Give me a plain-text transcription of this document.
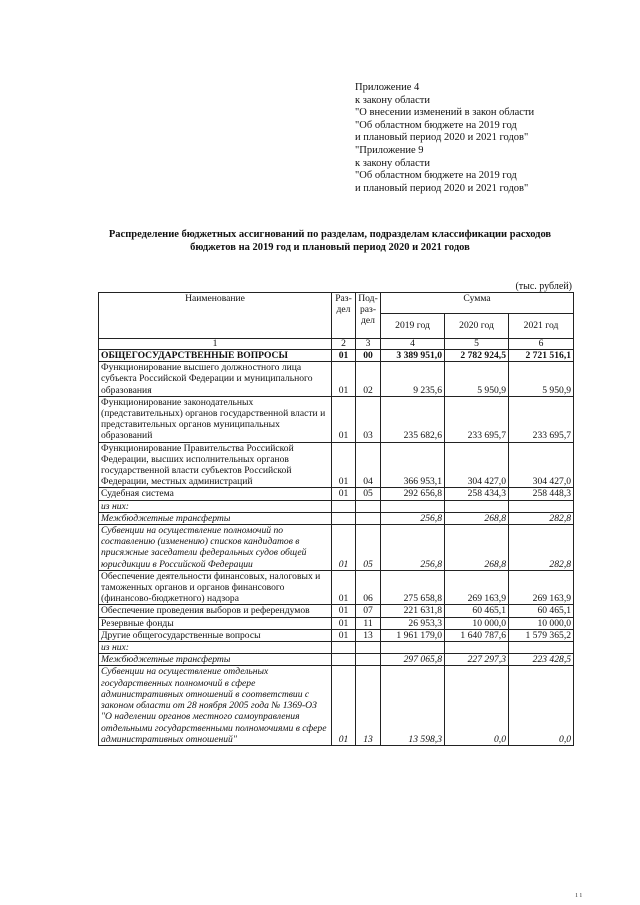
Приложение 4
к закону области
"О внесении изменений в закон области
"Об областном бюджете на 2019 год
и плановый период 2020 и 2021 годов"
"Приложение 9
к закону области
"Об областном бюджете на 2019 год
и плановый период 2020 и 2021 годов"
Распределение бюджетных ассигнований по разделам, подразделам классификации расходов
бюджетов на 2019 год и плановый период 2020 и 2021 годов
(тыс. рублей)
Наименование	Раз-дел	Под-раз-дел	Сумма		
			2019 год	2020 год	2021 год
1	2	3	4	5	6
ОБЩЕГОСУДАРСТВЕННЫЕ ВОПРОСЫ	01	00	3 389 951,0	2 782 924,5	2 721 516,1
Функционирование высшего должностного лица субъекта Российской Федерации и муниципального образования	01	02	9 235,6	5 950,9	5 950,9
Функционирование законодательных (представительных) органов государственной власти и представительных органов муниципальных образований	01	03	235 682,6	233 695,7	233 695,7
Функционирование Правительства Российской Федерации, высших исполнительных органов государственной власти субъектов Российской Федерации, местных администраций	01	04	366 953,1	304 427,0	304 427,0
Судебная система	01	05	292 656,8	258 434,3	258 448,3
из них:					
Межбюджетные трансферты			256,8	268,8	282,8
Субвенции на осуществление полномочий по составлению (изменению) списков кандидатов в присяжные заседатели федеральных судов общей юрисдикции в Российской Федерации	01	05	256,8	268,8	282,8
Обеспечение деятельности финансовых, налоговых и таможенных органов и органов финансового (финансово-бюджетного) надзора	01	06	275 658,8	269 163,9	269 163,9
Обеспечение проведения выборов и референдумов	01	07	221 631,8	60 465,1	60 465,1
Резервные фонды	01	11	26 953,3	10 000,0	10 000,0
Другие общегосударственные вопросы	01	13	1 961 179,0	1 640 787,6	1 579 365,2
из них:					
Межбюджетные трансферты			297 065,8	227 297,3	223 428,5
Субвенции на осуществление отдельных государственных полномочий в сфере административных отношений в соответствии с законом области от 28 ноября 2005 года № 1369-ОЗ "О наделении органов местного самоуправления отдельными государственными полномочиями в сфере административных отношений"	01	13	13 598,3	0,0	0,0
ı ı
